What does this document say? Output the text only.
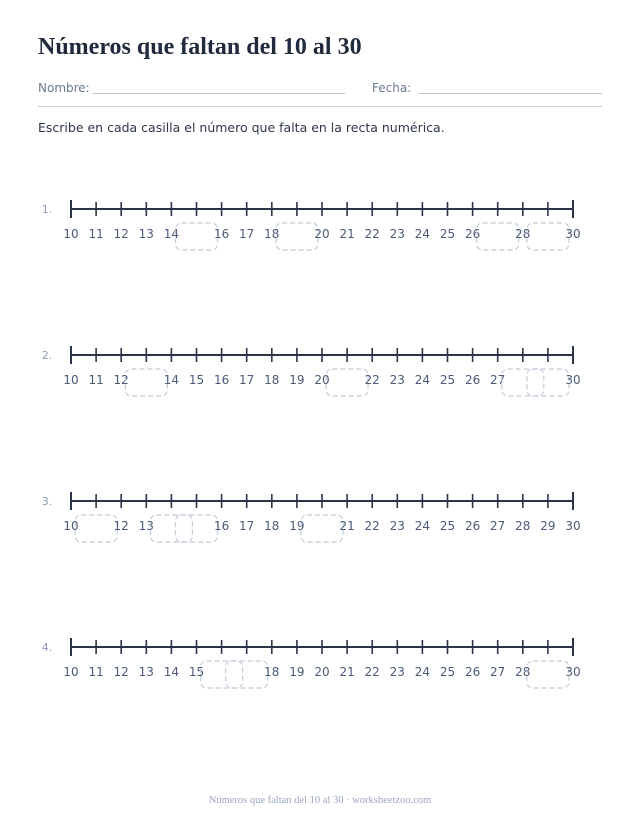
Números que faltan del 10 al 30
Nombre:	Fecha:

Escribe en cada casilla el número que falta en la recta numérica.

1.
10 11 12 13 14	16 17 18	20 21 22 23 24 25 26	28	30
2.
10 11 12	14 15 16 17 18 19 20	22 23 24 25 26 27	30
3.
10	12 13	16 17 18 19	21 22 23 24 25 26 27 28 29 30
4.
10 11 12 13 14 15	18 19 20 21 22 23 24 25 26 27 28	30
Números que faltan del 10 al 30 · worksheetzoo.com
